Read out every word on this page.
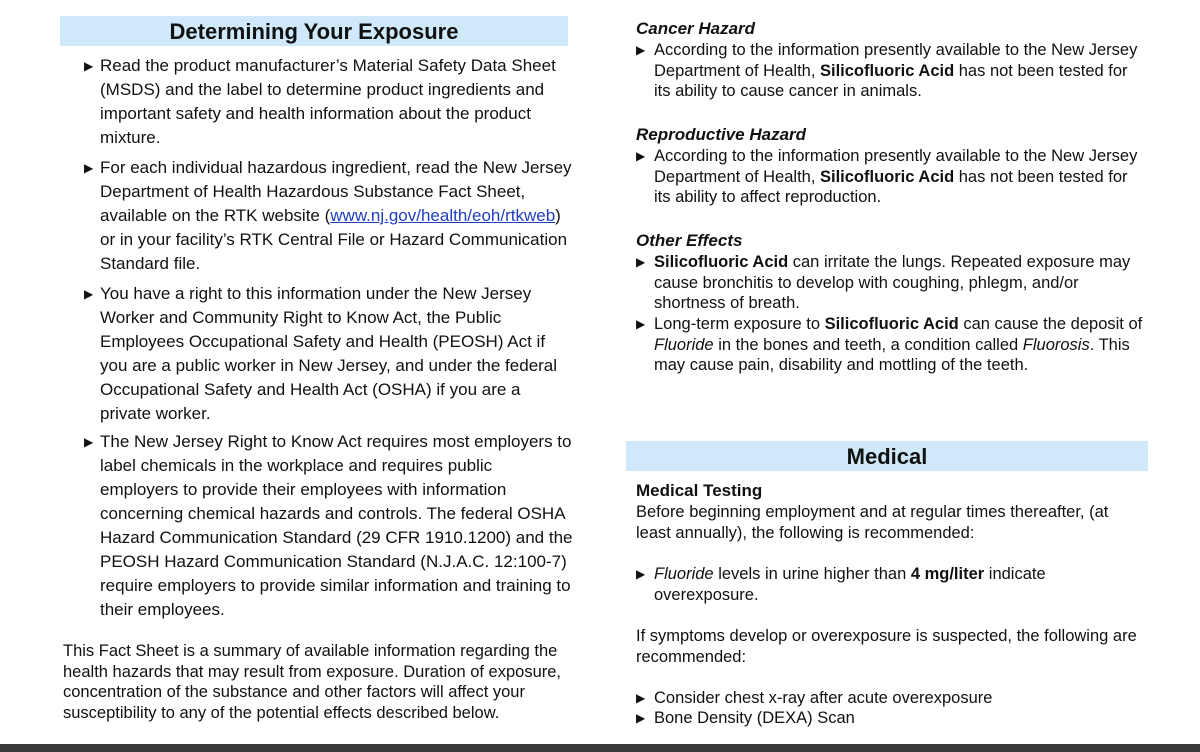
Determining Your Exposure
▶ Read the product manufacturer’s Material Safety Data Sheet (MSDS) and the label to determine product ingredients and important safety and health information about the product mixture.
▶ For each individual hazardous ingredient, read the New Jersey Department of Health Hazardous Substance Fact Sheet, available on the RTK website (www.nj.gov/health/eoh/rtkweb) or in your facility’s RTK Central File or Hazard Communication Standard file.
▶ You have a right to this information under the New Jersey Worker and Community Right to Know Act, the Public Employees Occupational Safety and Health (PEOSH) Act if you are a public worker in New Jersey, and under the federal Occupational Safety and Health Act (OSHA) if you are a private worker.
▶ The New Jersey Right to Know Act requires most employers to label chemicals in the workplace and requires public employers to provide their employees with information concerning chemical hazards and controls. The federal OSHA Hazard Communication Standard (29 CFR 1910.1200) and the PEOSH Hazard Communication Standard (N.J.A.C. 12:100-7) require employers to provide similar information and training to their employees.
This Fact Sheet is a summary of available information regarding the health hazards that may result from exposure. Duration of exposure, concentration of the substance and other factors will affect your susceptibility to any of the potential effects described below.
Cancer Hazard
▶ According to the information presently available to the New Jersey Department of Health, Silicofluoric Acid has not been tested for its ability to cause cancer in animals.
Reproductive Hazard
▶ According to the information presently available to the New Jersey Department of Health, Silicofluoric Acid has not been tested for its ability to affect reproduction.
Other Effects
▶ Silicofluoric Acid can irritate the lungs. Repeated exposure may cause bronchitis to develop with coughing, phlegm, and/or shortness of breath.
▶ Long-term exposure to Silicofluoric Acid can cause the deposit of Fluoride in the bones and teeth, a condition called Fluorosis. This may cause pain, disability and mottling of the teeth.
Medical
Medical Testing
Before beginning employment and at regular times thereafter, (at least annually), the following is recommended:
▶ Fluoride levels in urine higher than 4 mg/liter indicate overexposure.
If symptoms develop or overexposure is suspected, the following are recommended:
▶ Consider chest x-ray after acute overexposure
▶ Bone Density (DEXA) Scan
